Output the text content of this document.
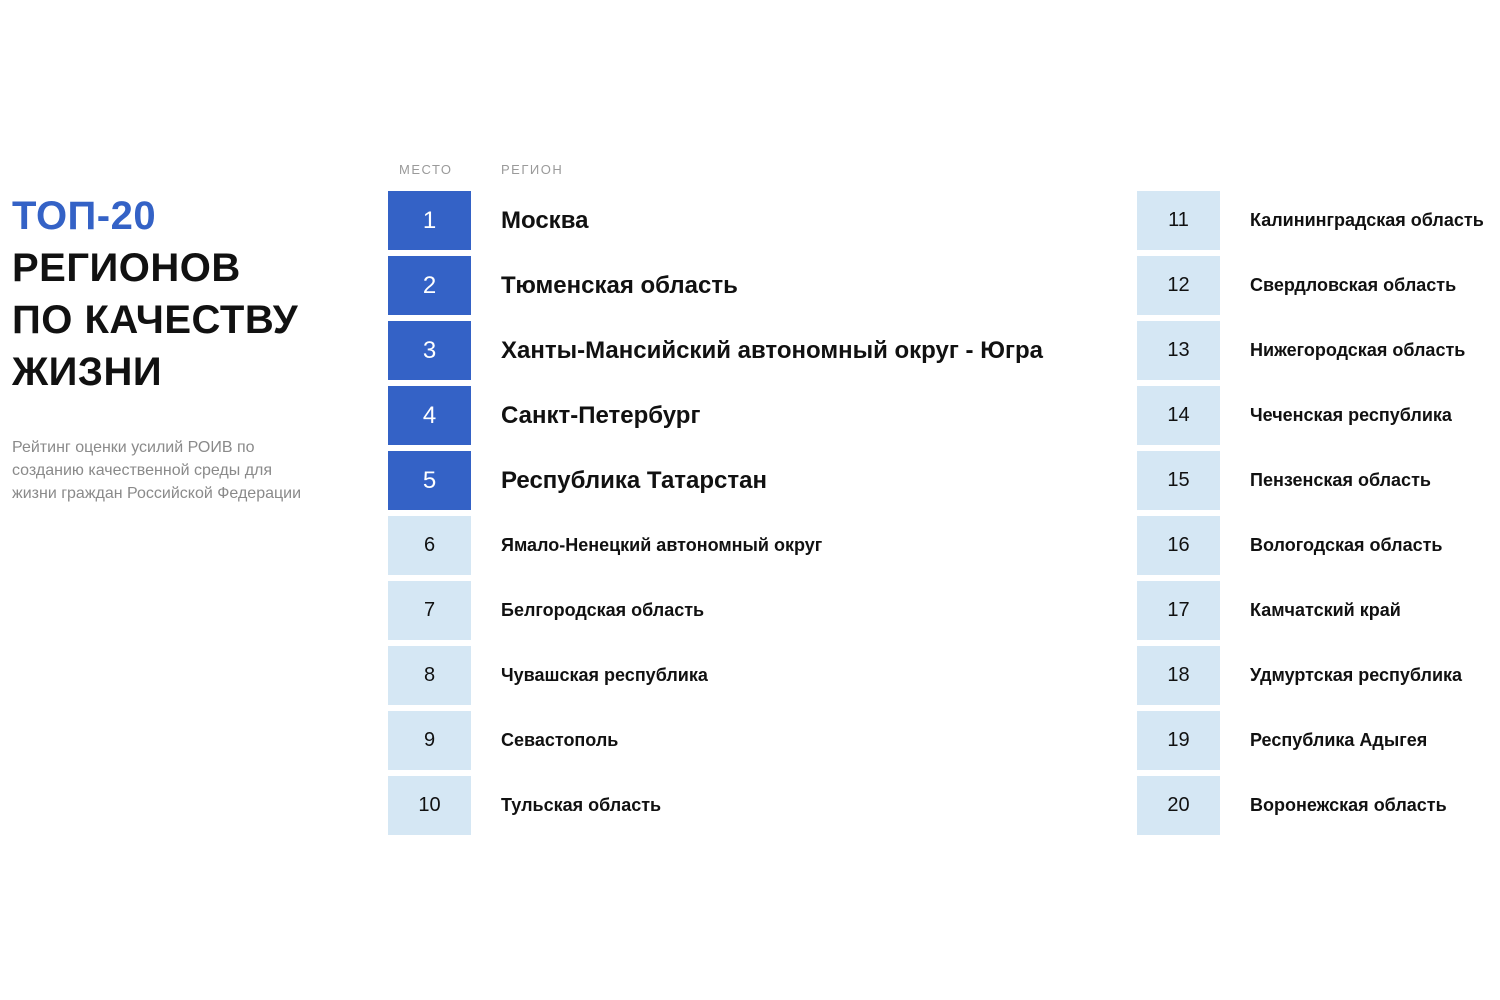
ТОП-20
РЕГИОНОВ
ПО КАЧЕСТВУ
ЖИЗНИ
Рейтинг оценки усилий РОИВ по созданию качественной среды для жизни граждан Российской Федерации
МЕСТО	РЕГИОН
1	Москва
2	Тюменская область
3	Ханты-Мансийский автономный округ - Югра
4	Санкт-Петербург
5	Республика Татарстан
6	Ямало-Ненецкий автономный округ
7	Белгородская область
8	Чувашская республика
9	Севастополь
10	Тульская область
11	Калининградская область
12	Свердловская область
13	Нижегородская область
14	Чеченская республика
15	Пензенская область
16	Вологодская область
17	Камчатский край
18	Удмуртская республика
19	Республика Адыгея
20	Воронежская область
